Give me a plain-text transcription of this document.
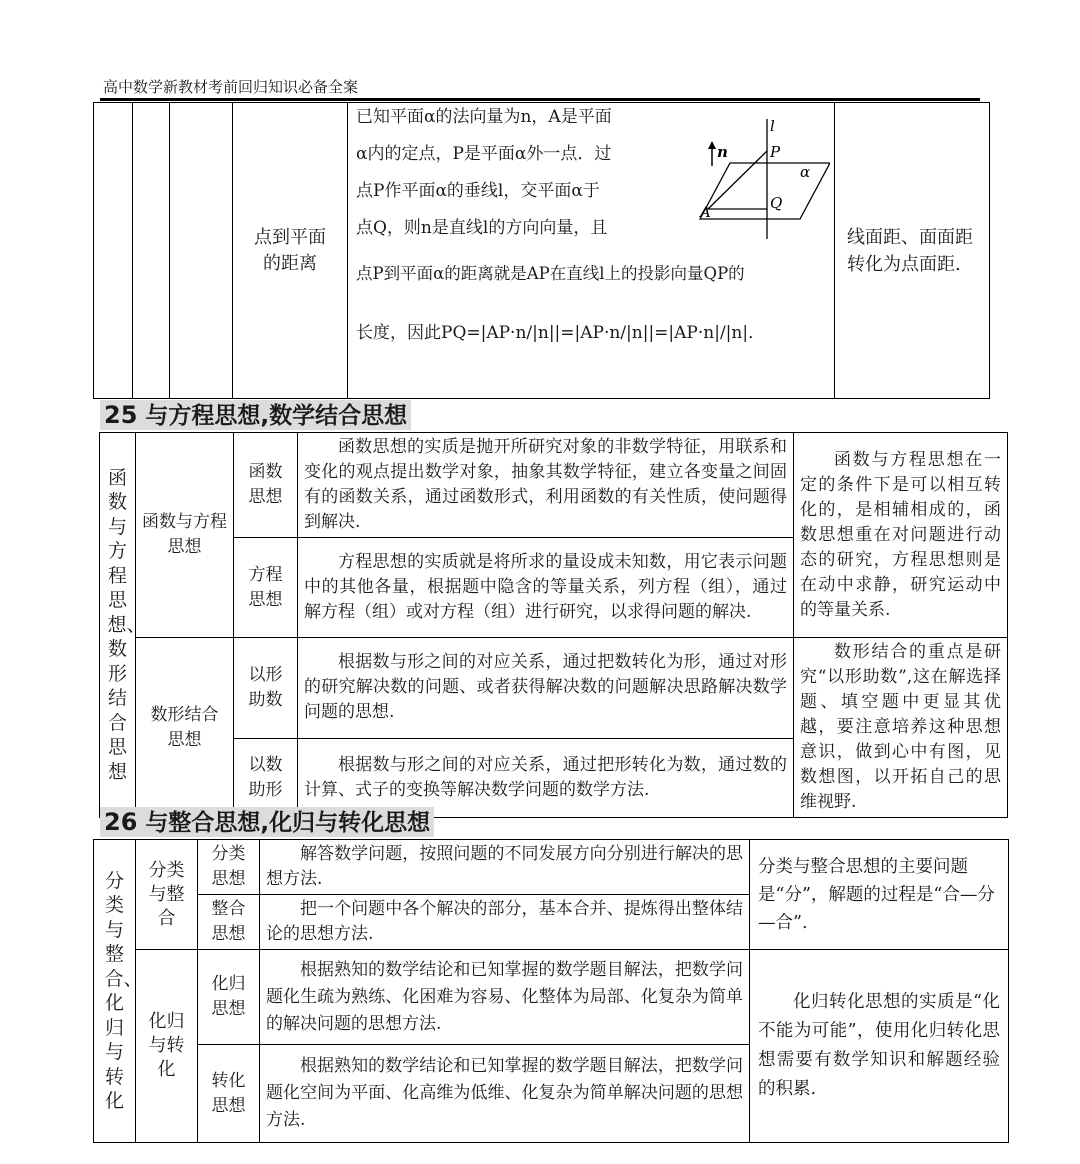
高中数学新教材考前回归知识必备全案
			点到平面的距离	
已知平面α的法向量为n，A是平面
α内的定点，P是平面α外一点．过
点P作平面α的垂线l，交平面α于
点Q，则n是直线l的方向向量，且
点P到平面α的距离就是AP在直线l上的投影向量QP的
长度，因此PQ=|AP·n/|n||=|AP·n/|n||=|AP·n|/|n|．
l
n	P
α
A	Q
	线面距、面面距转化为点面距.
25 与方程思想,数学结合思想
函数与方程思想、数形结合思想	函数与方程思想	函数思想	函数思想的实质是抛开所研究对象的非数学特征，用联系和变化的观点提出数学对象，抽象其数学特征，建立各变量之间固有的函数关系，通过函数形式，利用函数的有关性质，使问题得到解决.	函数与方程思想在一定的条件下是可以相互转化的，是相辅相成的，函数思想重在对问题进行动态的研究，方程思想则是在动中求静，研究运动中的等量关系.
		方程思想	方程思想的实质就是将所求的量设成未知数，用它表示问题中的其他各量，根据题中隐含的等量关系，列方程（组），通过解方程（组）或对方程（组）进行研究，以求得问题的解决.	
	数形结合思想	以形助数	根据数与形之间的对应关系，通过把数转化为形，通过对形的研究解决数的问题、或者获得解决数的问题解决思路解决数学问题的思想.	数形结合的重点是研究“以形助数”,这在解选择题、填空题中更显其优越，要注意培养这种思想意识，做到心中有图，见数想图，以开拓自己的思维视野.
		以数助形	根据数与形之间的对应关系，通过把形转化为数，通过数的计算、式子的变换等解决数学问题的数学方法.	
26 与整合思想,化归与转化思想
分类与整合、化归与转化	分类与整合	分类思想	解答数学问题，按照问题的不同发展方向分别进行解决的思想方法.	分类与整合思想的主要问题是“分”，解题的过程是“合—分—合”.
		整合思想	把一个问题中各个解决的部分，基本合并、提炼得出整体结论的思想方法.	
	化归与转化	化归思想	根据熟知的数学结论和已知掌握的数学题目解法，把数学问题化生疏为熟练、化困难为容易、化整体为局部、化复杂为简单的解决问题的思想方法.	化归转化思想的实质是“化不能为可能”，使用化归转化思想需要有数学知识和解题经验的积累.
		转化思想	根据熟知的数学结论和已知掌握的数学题目解法，把数学问题化空间为平面、化高维为低维、化复杂为简单解决问题的思想方法.	
